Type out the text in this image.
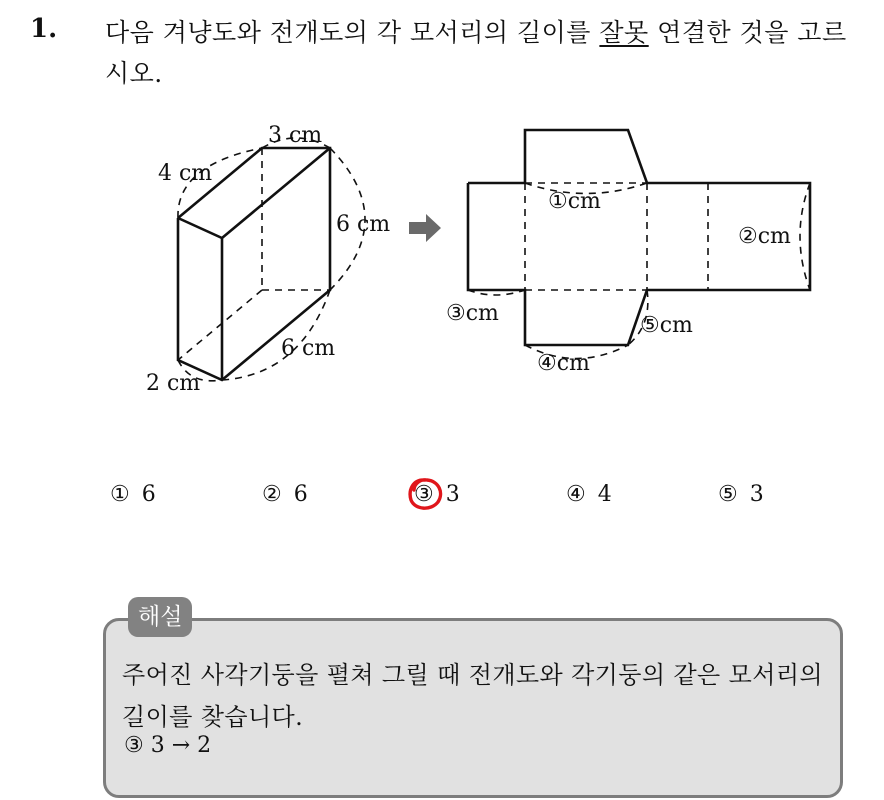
1. 다음 겨냥도와 전개도의 각 모서리의 길이를 잘못 연결한 것을 고르시오.
3 cm
4 cm
6 cm
6 cm
2 cm
①cm
②cm
③cm	⑤cm
④cm
① 6	② 6	③ 3	④ 4	⑤ 3
해설
주어진 사각기둥을 펼쳐 그릴 때 전개도와 각기둥의 같은 모서리의 길이를 찾습니다.
③ 3 → 2
